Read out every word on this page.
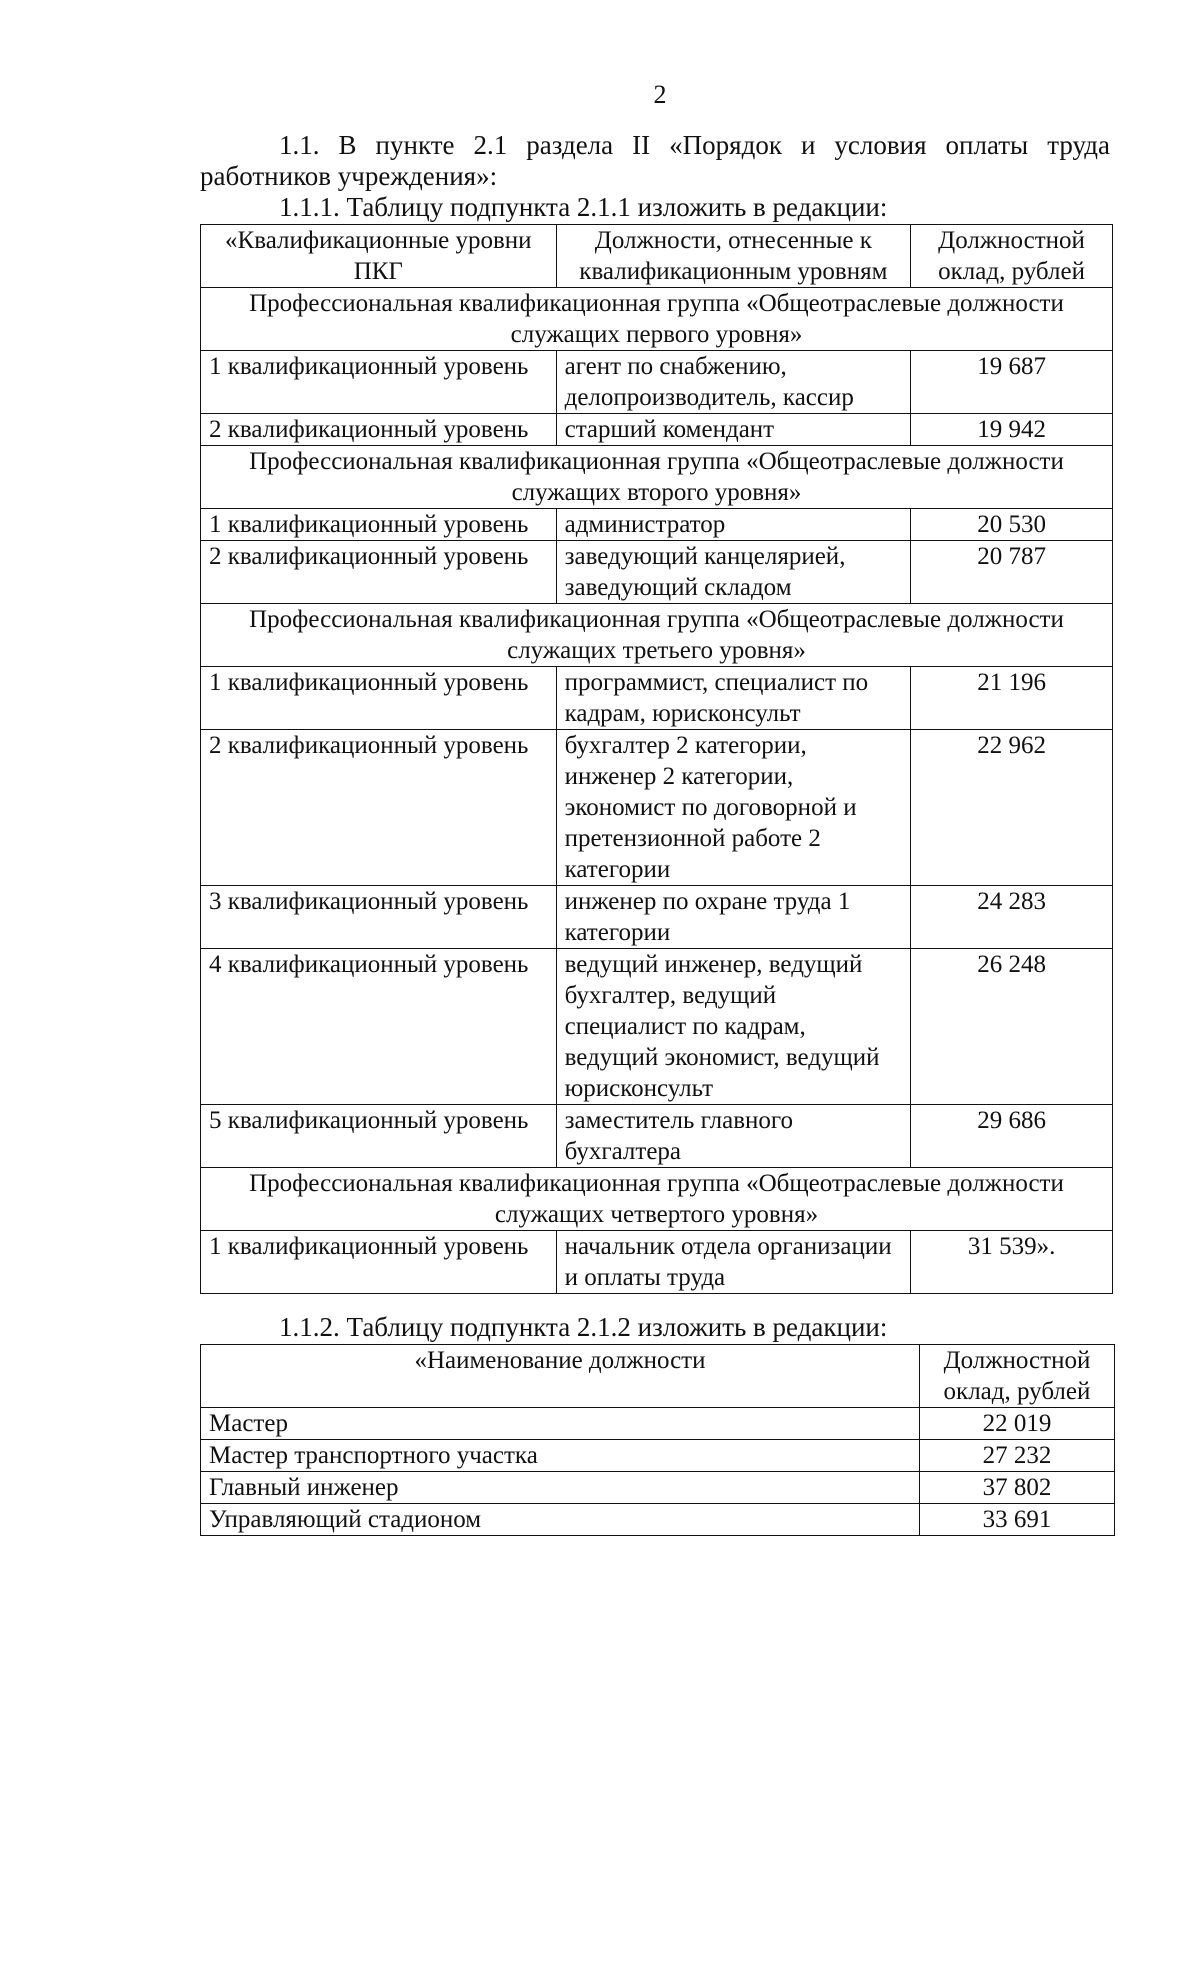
2
1.1. В пункте 2.1 раздела II «Порядок и условия оплаты труда работников учреждения»:
1.1.1. Таблицу подпункта 2.1.1 изложить в редакции:
«Квалификационные уровни ПКГ	Должности, отнесенные к квалификационным уровням	Должностной оклад, рублей
Профессиональная квалификационная группа «Общеотраслевые должности служащих первого уровня»		
1 квалификационный уровень	агент по снабжению, делопроизводитель, кассир	19 687
2 квалификационный уровень	старший комендант	19 942
Профессиональная квалификационная группа «Общеотраслевые должности служащих второго уровня»		
1 квалификационный уровень	администратор	20 530
2 квалификационный уровень	заведующий канцелярией, заведующий складом	20 787
Профессиональная квалификационная группа «Общеотраслевые должности служащих третьего уровня»		
1 квалификационный уровень	программист, специалист по кадрам, юрисконсульт	21 196
2 квалификационный уровень	бухгалтер 2 категории, инженер 2 категории, экономист по договорной и претензионной работе 2 категории	22 962
3 квалификационный уровень	инженер по охране труда 1 категории	24 283
4 квалификационный уровень	ведущий инженер, ведущий бухгалтер, ведущий специалист по кадрам, ведущий экономист, ведущий юрисконсульт	26 248
5 квалификационный уровень	заместитель главного бухгалтера	29 686
Профессиональная квалификационная группа «Общеотраслевые должности служащих четвертого уровня»		
1 квалификационный уровень	начальник отдела организации и оплаты труда	31 539».
1.1.2. Таблицу подпункта 2.1.2 изложить в редакции:
«Наименование должности	Должностной оклад, рублей
Мастер	22 019
Мастер транспортного участка	27 232
Главный инженер	37 802
Управляющий стадионом	33 691
